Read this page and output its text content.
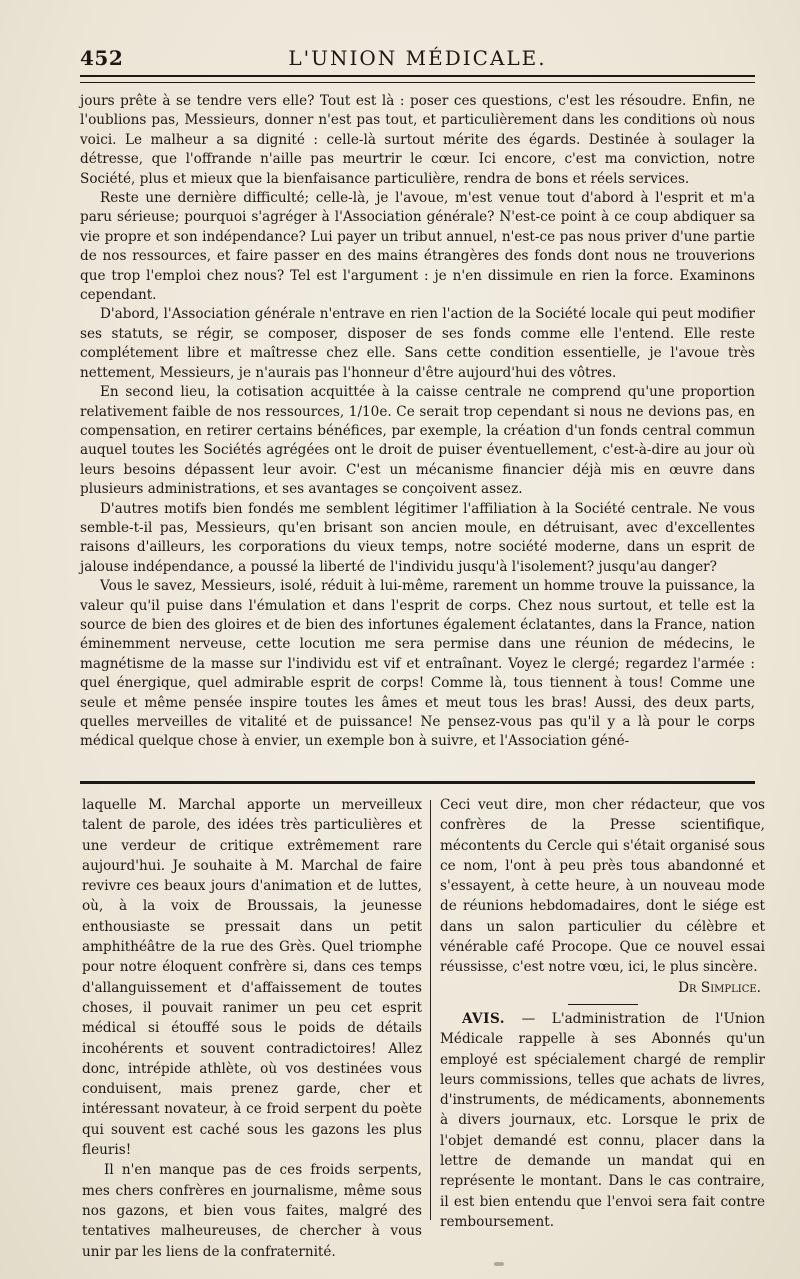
452	L'UNION MÉDICALE.

jours prête à se tendre vers elle? Tout est là : poser ces questions, c'est les résoudre. Enfin, ne l'oublions pas, Messieurs, donner n'est pas tout, et particulièrement dans les conditions où nous voici. Le malheur a sa dignité : celle-là surtout mérite des égards. Destinée à soulager la détresse, que l'offrande n'aille pas meurtrir le cœur. Ici encore, c'est ma conviction, notre Société, plus et mieux que la bienfaisance particulière, rendra de bons et réels services.

Reste une dernière difficulté; celle-là, je l'avoue, m'est venue tout d'abord à l'esprit et m'a paru sérieuse; pourquoi s'agréger à l'Association générale? N'est-ce point à ce coup abdiquer sa vie propre et son indépendance? Lui payer un tribut annuel, n'est-ce pas nous priver d'une partie de nos ressources, et faire passer en des mains étrangères des fonds dont nous ne trouverions que trop l'emploi chez nous? Tel est l'argument : je n'en dissimule en rien la force. Examinons cependant.

D'abord, l'Association générale n'entrave en rien l'action de la Société locale qui peut modifier ses statuts, se régir, se composer, disposer de ses fonds comme elle l'entend. Elle reste complétement libre et maîtresse chez elle. Sans cette condition essentielle, je l'avoue très nettement, Messieurs, je n'aurais pas l'honneur d'être aujourd'hui des vôtres.

En second lieu, la cotisation acquittée à la caisse centrale ne comprend qu'une proportion relativement faible de nos ressources, 1/10e. Ce serait trop cependant si nous ne devions pas, en compensation, en retirer certains bénéfices, par exemple, la création d'un fonds central commun auquel toutes les Sociétés agrégées ont le droit de puiser éventuellement, c'est-à-dire au jour où leurs besoins dépassent leur avoir. C'est un mécanisme financier déjà mis en œuvre dans plusieurs administrations, et ses avantages se conçoivent assez.

D'autres motifs bien fondés me semblent légitimer l'affiliation à la Société centrale. Ne vous semble-t-il pas, Messieurs, qu'en brisant son ancien moule, en détruisant, avec d'excellentes raisons d'ailleurs, les corporations du vieux temps, notre société moderne, dans un esprit de jalouse indépendance, a poussé la liberté de l'individu jusqu'à l'isolement? jusqu'au danger?

Vous le savez, Messieurs, isolé, réduit à lui-même, rarement un homme trouve la puissance, la valeur qu'il puise dans l'émulation et dans l'esprit de corps. Chez nous surtout, et telle est la source de bien des gloires et de bien des infortunes également éclatantes, dans la France, nation éminemment nerveuse, cette locution me sera permise dans une réunion de médecins, le magnétisme de la masse sur l'individu est vif et entraînant. Voyez le clergé; regardez l'armée : quel énergique, quel admirable esprit de corps! Comme là, tous tiennent à tous! Comme une seule et même pensée inspire toutes les âmes et meut tous les bras! Aussi, des deux parts, quelles merveilles de vitalité et de puissance! Ne pensez-vous pas qu'il y a là pour le corps médical quelque chose à envier, un exemple bon à suivre, et l'Association géné-

laquelle M. Marchal apporte un merveilleux talent de parole, des idées très particulières et une verdeur de critique extrêmement rare aujourd'hui. Je souhaite à M. Marchal de faire revivre ces beaux jours d'animation et de luttes, où, à la voix de Broussais, la jeunesse enthousiaste se pressait dans un petit amphithéâtre de la rue des Grès. Quel triomphe pour notre éloquent confrère si, dans ces temps d'allanguissement et d'affaissement de toutes choses, il pouvait ranimer un peu cet esprit médical si étouffé sous le poids de détails incohérents et souvent contradictoires! Allez donc, intrépide athlète, où vos destinées vous conduisent, mais prenez garde, cher et intéressant novateur, à ce froid serpent du poète qui souvent est caché sous les gazons les plus fleuris!

Il n'en manque pas de ces froids serpents, mes chers confrères en journalisme, même sous nos gazons, et bien vous faites, malgré des tentatives malheureuses, de chercher à vous unir par les liens de la confraternité.

Ceci veut dire, mon cher rédacteur, que vos confrères de la Presse scientifique, mécontents du Cercle qui s'était organisé sous ce nom, l'ont à peu près tous abandonné et s'essayent, à cette heure, à un nouveau mode de réunions hebdomadaires, dont le siége est dans un salon particulier du célèbre et vénérable café Procope. Que ce nouvel essai réussisse, c'est notre vœu, ici, le plus sincère.

Dr Simplice.

AVIS. — L'administration de l'Union Médicale rappelle à ses Abonnés qu'un employé est spécialement chargé de remplir leurs commissions, telles que achats de livres, d'instruments, de médicaments, abonnements à divers journaux, etc. Lorsque le prix de l'objet demandé est connu, placer dans la lettre de demande un mandat qui en représente le montant. Dans le cas contraire, il est bien entendu que l'envoi sera fait contre remboursement.
